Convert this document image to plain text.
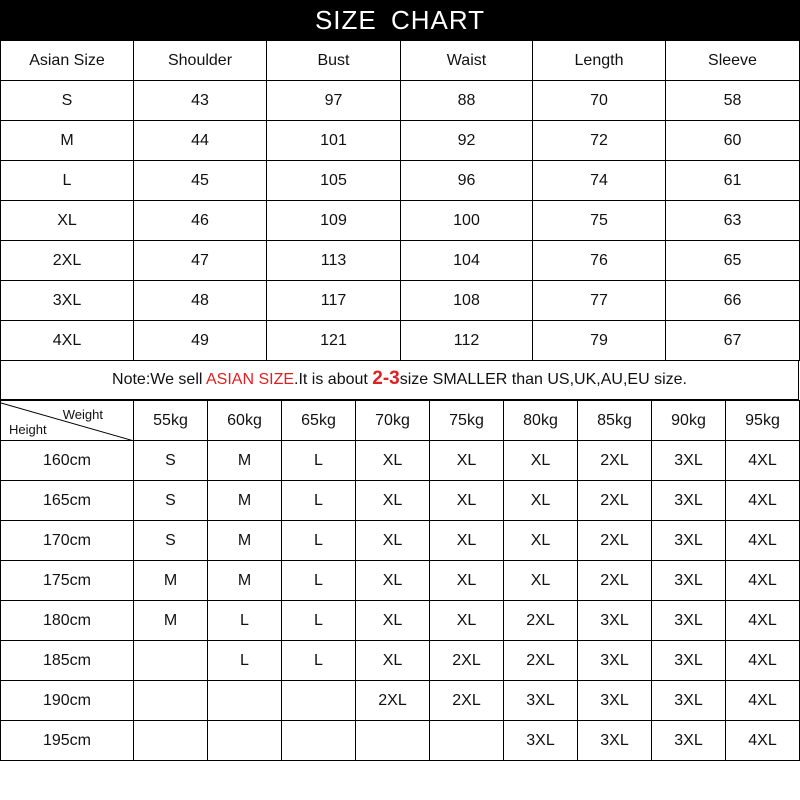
SIZE CHART
Asian Size	Shoulder	Bust	Waist	Length	Sleeve
S	43	97	88	70	58
M	44	101	92	72	60
L	45	105	96	74	61
XL	46	109	100	75	63
2XL	47	113	104	76	65
3XL	48	117	108	77	66
4XL	49	121	112	79	67
Note:We sell ASIAN SIZE.It is about 2-3size SMALLER than US,UK,AU,EU size.
Weight
Height	55kg	60kg	65kg	70kg	75kg	80kg	85kg	90kg	95kg
160cm	S	M	L	XL	XL	XL	2XL	3XL	4XL
165cm	S	M	L	XL	XL	XL	2XL	3XL	4XL
170cm	S	M	L	XL	XL	XL	2XL	3XL	4XL
175cm	M	M	L	XL	XL	XL	2XL	3XL	4XL
180cm	M	L	L	XL	XL	2XL	3XL	3XL	4XL
185cm		L	L	XL	2XL	2XL	3XL	3XL	4XL
190cm				2XL	2XL	3XL	3XL	3XL	4XL
195cm						3XL	3XL	3XL	4XL
